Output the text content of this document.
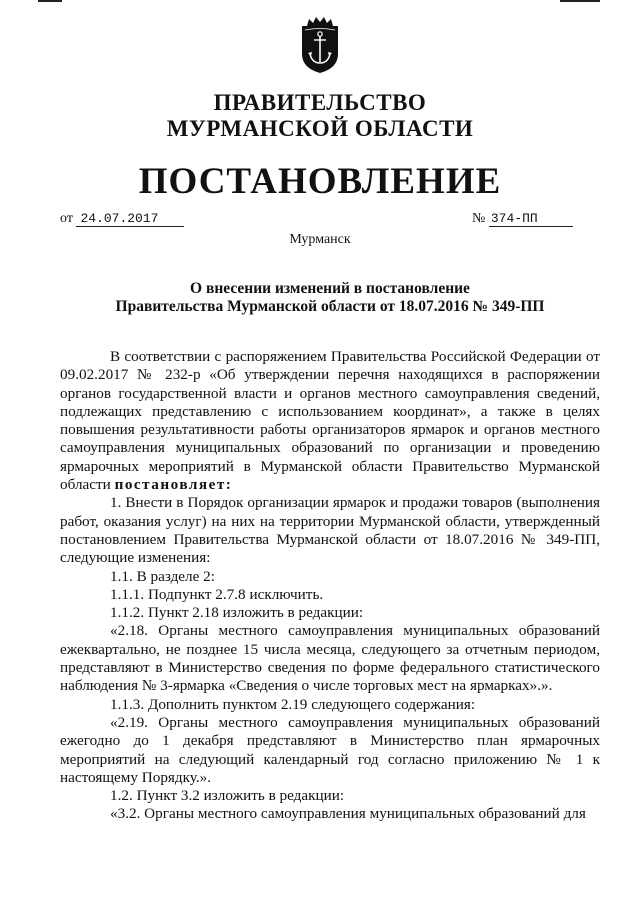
ПРАВИТЕЛЬСТВО
МУРМАНСКОЙ ОБЛАСТИ
ПОСТАНОВЛЕНИЕ
от 24.07.2017	№ 374-ПП
Мурманск
О внесении изменений в постановление
Правительства Мурманской области от 18.07.2016 № 349-ПП

В соответствии с распоряжением Правительства Российской Федерации от 09.02.2017 № 232-р «Об утверждении перечня находящихся в распоряжении органов государственной власти и органов местного самоуправления сведений, подлежащих представлению с использованием координат», а также в целях повышения результативности работы организаторов ярмарок и органов местного самоуправления муниципальных образований по организации и проведению ярмарочных мероприятий в Мурманской области Правительство Мурманской области постановляет:

1. Внести в Порядок организации ярмарок и продажи товаров (выполнения работ, оказания услуг) на них на территории Мурманской области, утвержденный постановлением Правительства Мурманской области от 18.07.2016 № 349-ПП, следующие изменения:

1.1. В разделе 2:

1.1.1. Подпункт 2.7.8 исключить.

1.1.2. Пункт 2.18 изложить в редакции:

«2.18. Органы местного самоуправления муниципальных образований ежеквартально, не позднее 15 числа месяца, следующего за отчетным периодом, представляют в Министерство сведения по форме федерального статистического наблюдения № 3-ярмарка «Сведения о числе торговых мест на ярмарках».».

1.1.3. Дополнить пунктом 2.19 следующего содержания:

«2.19. Органы местного самоуправления муниципальных образований ежегодно до 1 декабря представляют в Министерство план ярмарочных мероприятий на следующий календарный год согласно приложению № 1 к настоящему Порядку.».

1.2. Пункт 3.2 изложить в редакции:

«3.2. Органы местного самоуправления муниципальных образований для
